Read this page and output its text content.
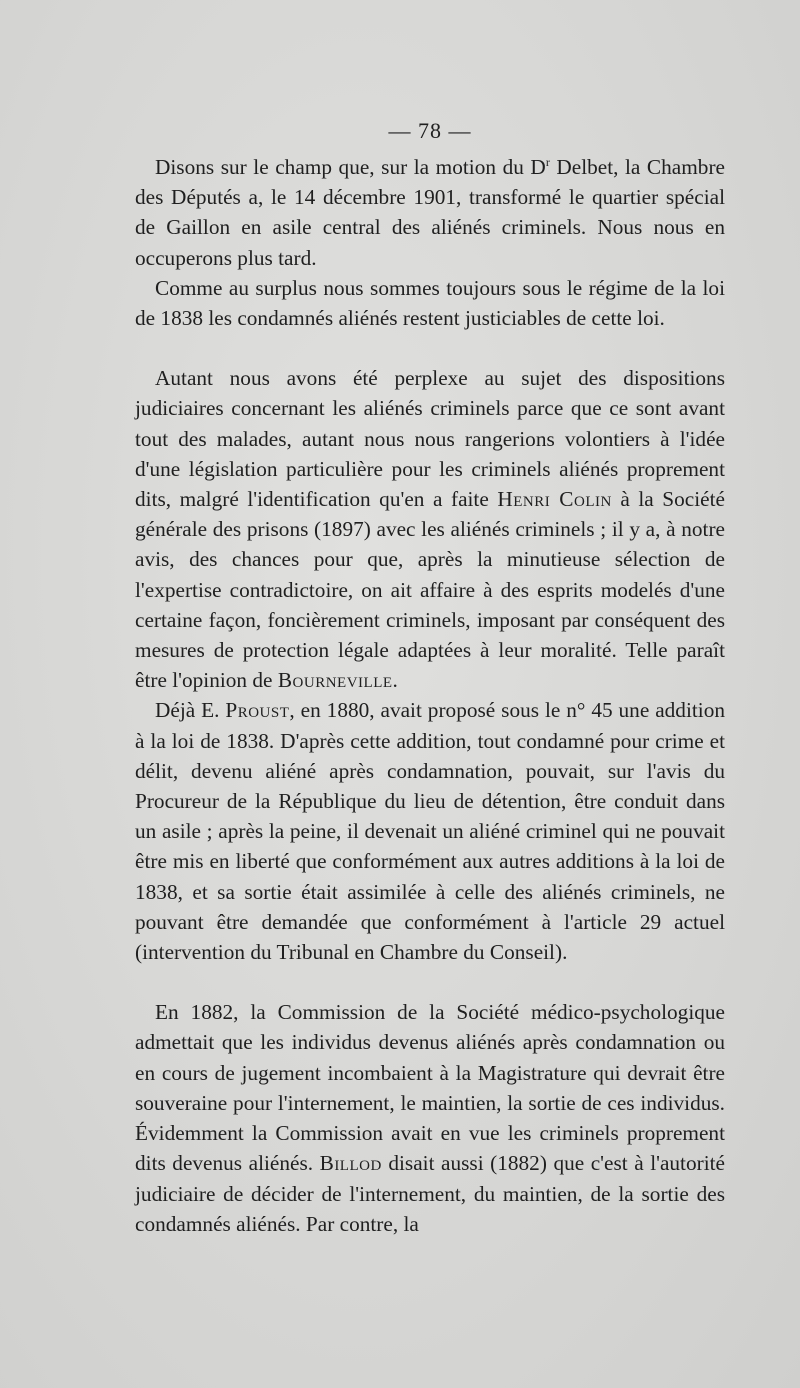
— 78 —

Disons sur le champ que, sur la motion du $D^r$ Delbet, la Chambre des Députés a, le 14 décembre 1901, transformé le quartier spécial de Gaillon en asile central des aliénés criminels. Nous nous en occuperons plus tard.

Comme au surplus nous sommes toujours sous le régime de la loi de 1838 les condamnés aliénés restent justiciables de cette loi.

Autant nous avons été perplexe au sujet des dispositions judiciaires concernant les aliénés criminels parce que ce sont avant tout des malades, autant nous nous rangerions volontiers à l'idée d'une législation particulière pour les criminels aliénés proprement dits, malgré l'identification qu'en a faite Henri Colin à la Société générale des prisons (1897) avec les aliénés criminels ; il y a, à notre avis, des chances pour que, après la minutieuse sélection de l'expertise contradictoire, on ait affaire à des esprits modelés d'une certaine façon, foncièrement criminels, imposant par conséquent des mesures de protection légale adaptées à leur moralité. Telle paraît être l'opinion de Bourneville.

Déjà E. Proust, en 1880, avait proposé sous le n° 45 une addition à la loi de 1838. D'après cette addition, tout condamné pour crime et délit, devenu aliéné après condamnation, pouvait, sur l'avis du Procureur de la République du lieu de détention, être conduit dans un asile ; après la peine, il devenait un aliéné criminel qui ne pouvait être mis en liberté que conformément aux autres additions à la loi de 1838, et sa sortie était assimilée à celle des aliénés criminels, ne pouvant être demandée que conformément à l'article 29 actuel (intervention du Tribunal en Chambre du Conseil).

En 1882, la Commission de la Société médico-psychologique admettait que les individus devenus aliénés après condamnation ou en cours de jugement incombaient à la Magistrature qui devrait être souveraine pour l'internement, le maintien, la sortie de ces individus. Évidemment la Commission avait en vue les criminels proprement dits devenus aliénés. Billod disait aussi (1882) que c'est à l'autorité judiciaire de décider de l'internement, du maintien, de la sortie des condamnés aliénés. Par contre, la
